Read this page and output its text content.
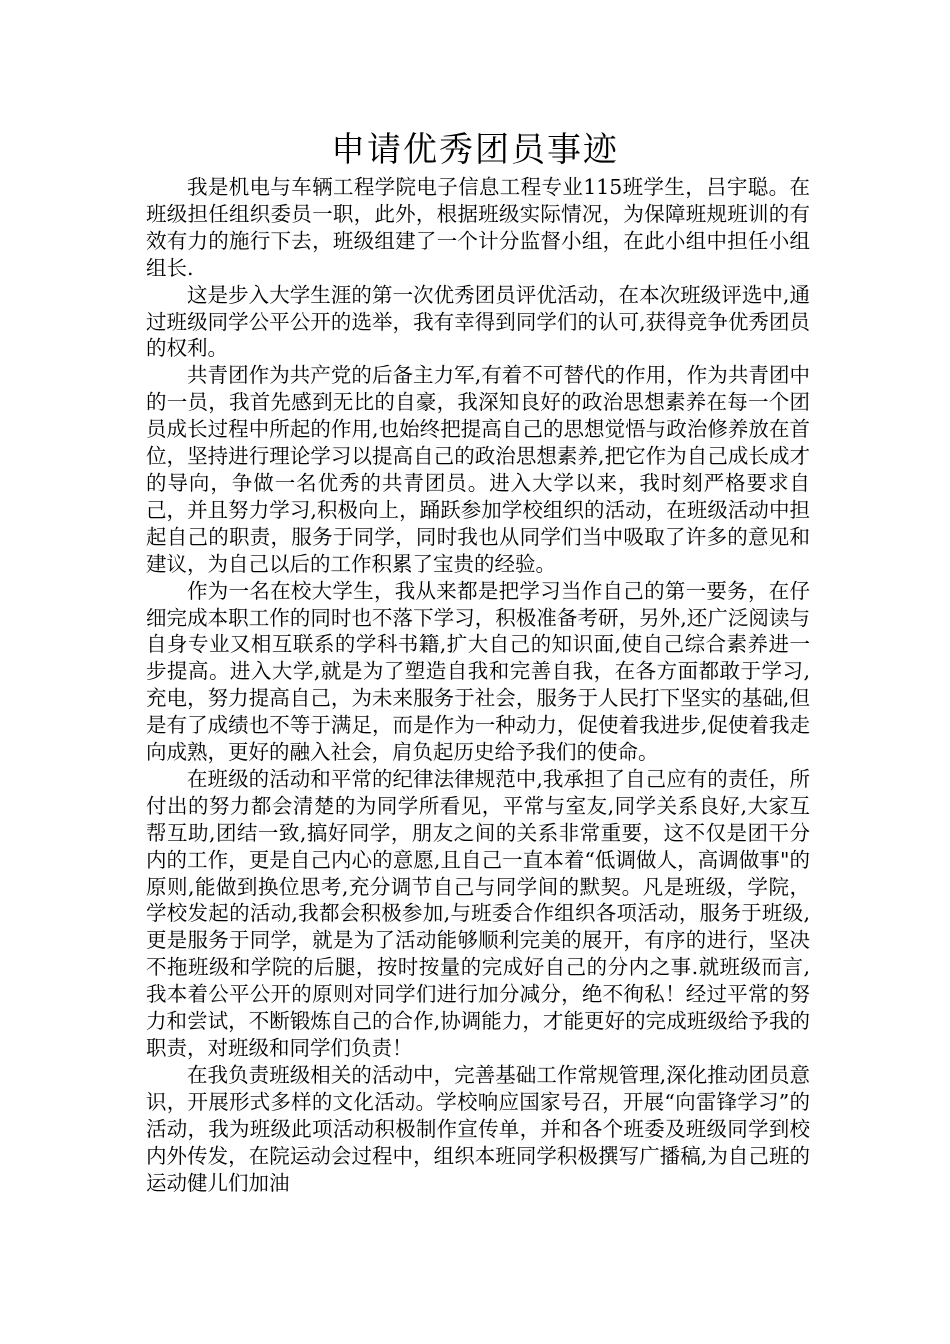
申请优秀团员事迹

我是机电与车辆工程学院电子信息工程专业115班学生，吕宇聪。在班级担任组织委员一职，此外，根据班级实际情况，为保障班规班训的有效有力的施行下去，班级组建了一个计分监督小组，在此小组中担任小组组长.

这是步入大学生涯的第一次优秀团员评优活动，在本次班级评选中,通过班级同学公平公开的选举，我有幸得到同学们的认可,获得竞争优秀团员的权利。

共青团作为共产党的后备主力军,有着不可替代的作用，作为共青团中的一员，我首先感到无比的自豪，我深知良好的政治思想素养在每一个团员成长过程中所起的作用,也始终把提高自己的思想觉悟与政治修养放在首位，坚持进行理论学习以提高自己的政治思想素养,把它作为自己成长成才的导向，争做一名优秀的共青团员。进入大学以来，我时刻严格要求自己，并且努力学习,积极向上，踊跃参加学校组织的活动，在班级活动中担起自己的职责，服务于同学，同时我也从同学们当中吸取了许多的意见和建议，为自己以后的工作积累了宝贵的经验。

作为一名在校大学生，我从来都是把学习当作自己的第一要务，在仔细完成本职工作的同时也不落下学习，积极准备考研，另外,还广泛阅读与自身专业又相互联系的学科书籍,扩大自己的知识面,使自己综合素养进一步提高。进入大学,就是为了塑造自我和完善自我，在各方面都敢于学习,充电，努力提高自己，为未来服务于社会，服务于人民打下坚实的基础,但是有了成绩也不等于满足，而是作为一种动力，促使着我进步,促使着我走向成熟，更好的融入社会，肩负起历史给予我们的使命。

在班级的活动和平常的纪律法律规范中,我承担了自己应有的责任，所付出的努力都会清楚的为同学所看见，平常与室友,同学关系良好,大家互帮互助,团结一致,搞好同学，朋友之间的关系非常重要，这不仅是团干分内的工作，更是自己内心的意愿,且自己一直本着“低调做人，高调做事"的原则,能做到换位思考,充分调节自己与同学间的默契。凡是班级，学院，学校发起的活动,我都会积极参加,与班委合作组织各项活动，服务于班级,更是服务于同学，就是为了活动能够顺利完美的展开，有序的进行，坚决不拖班级和学院的后腿，按时按量的完成好自己的分内之事.就班级而言,我本着公平公开的原则对同学们进行加分减分，绝不徇私！经过平常的努力和尝试，不断锻炼自己的合作,协调能力，才能更好的完成班级给予我的职责，对班级和同学们负责！

在我负责班级相关的活动中，完善基础工作常规管理,深化推动团员意识，开展形式多样的文化活动。学校响应国家号召，开展“向雷锋学习”的活动，我为班级此项活动积极制作宣传单，并和各个班委及班级同学到校内外传发，在院运动会过程中，组织本班同学积极撰写广播稿,为自己班的运动健儿们加油
